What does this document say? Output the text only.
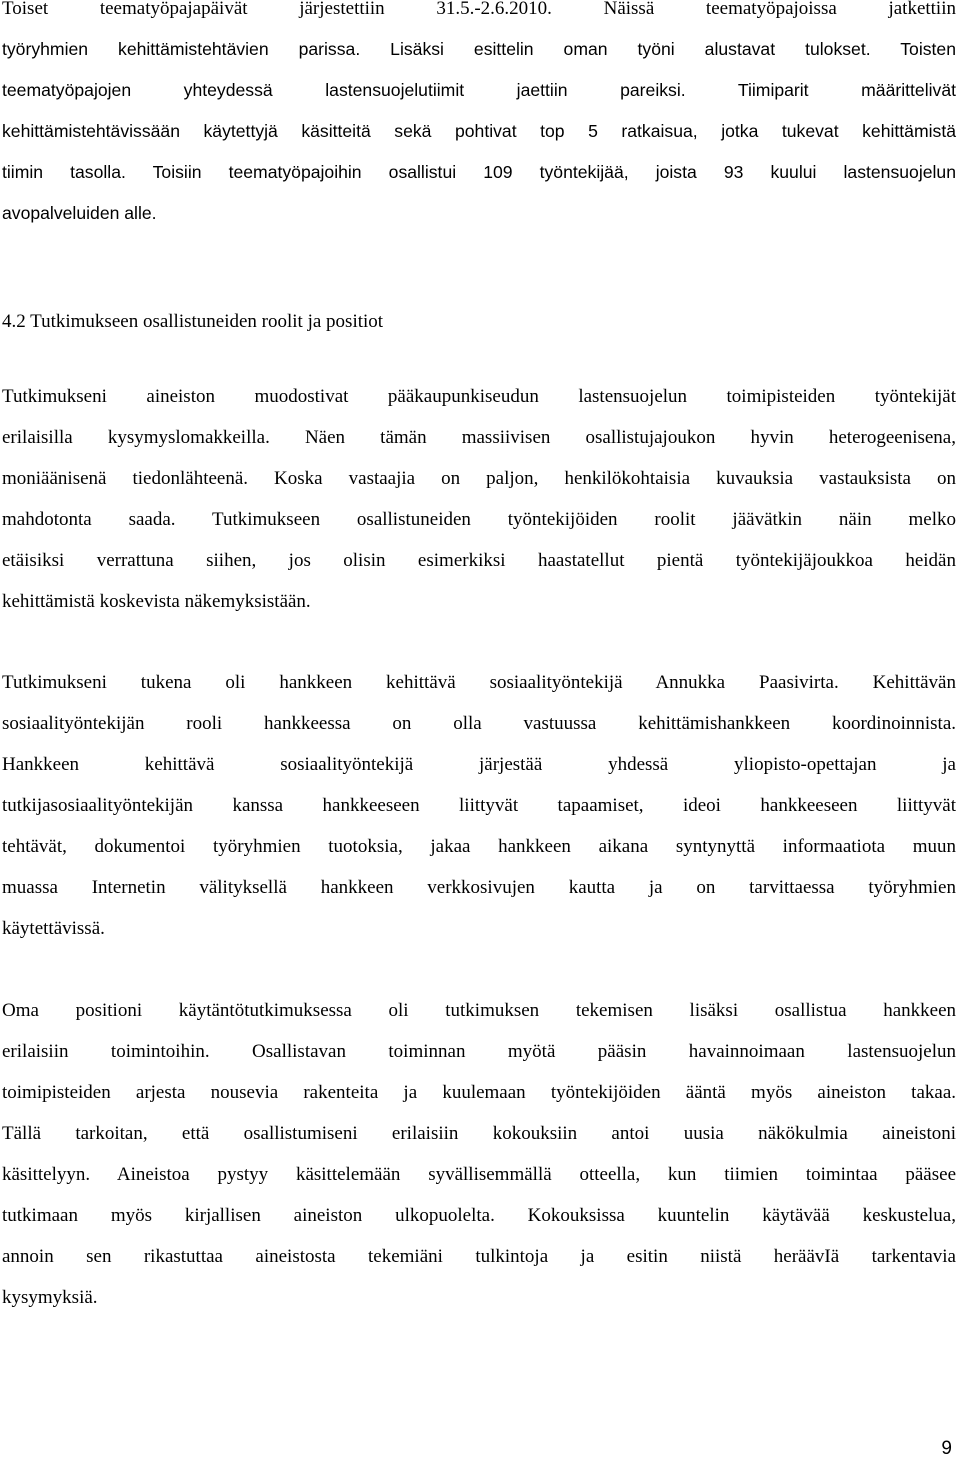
Toiset teematyöpajapäivät järjestettiin 31.5.-2.6.2010. Näissä teematyöpajoissa jatkettiin
työryhmien kehittämistehtävien parissa. Lisäksi esittelin oman työni alustavat tulokset. Toisten
teematyöpajojen yhteydessä lastensuojelutiimit jaettiin pareiksi. Tiimiparit määrittelivät
kehittämistehtävissään käytettyjä käsitteitä sekä pohtivat top 5 ratkaisua, jotka tukevat kehittämistä
tiimin tasolla. Toisiin teematyöpajoihin osallistui 109 työntekijää, joista 93 kuului lastensuojelun
avopalveluiden alle.
4.2 Tutkimukseen osallistuneiden roolit ja positiot
Tutkimukseni aineiston muodostivat pääkaupunkiseudun lastensuojelun toimipisteiden työntekijät
erilaisilla kysymyslomakkeilla. Näen tämän massiivisen osallistujajoukon hyvin heterogeenisena,
moniäänisenä tiedonlähteenä. Koska vastaajia on paljon, henkilökohtaisia kuvauksia vastauksista on
mahdotonta saada. Tutkimukseen osallistuneiden työntekijöiden roolit jäävätkin näin melko
etäisiksi verrattuna siihen, jos olisin esimerkiksi haastatellut pientä työntekijäjoukkoa heidän
kehittämistä koskevista näkemyksistään.
Tutkimukseni tukena oli hankkeen kehittävä sosiaalityöntekijä Annukka Paasivirta. Kehittävän
sosiaalityöntekijän rooli hankkeessa on olla vastuussa kehittämishankkeen koordinoinnista.
Hankkeen kehittävä sosiaalityöntekijä järjestää yhdessä yliopisto-opettajan ja
tutkijasosiaalityöntekijän kanssa hankkeeseen liittyvät tapaamiset, ideoi hankkeeseen liittyvät
tehtävät, dokumentoi työryhmien tuotoksia, jakaa hankkeen aikana syntynyttä informaatiota muun
muassa Internetin välityksellä hankkeen verkkosivujen kautta ja on tarvittaessa työryhmien
käytettävissä.
Oma positioni käytäntötutkimuksessa oli tutkimuksen tekemisen lisäksi osallistua hankkeen
erilaisiin toimintoihin. Osallistavan toiminnan myötä pääsin havainnoimaan lastensuojelun
toimipisteiden arjesta nousevia rakenteita ja kuulemaan työntekijöiden ääntä myös aineiston takaa.
Tällä tarkoitan, että osallistumiseni erilaisiin kokouksiin antoi uusia näkökulmia aineistoni
käsittelyyn. Aineistoa pystyy käsittelemään syvällisemmällä otteella, kun tiimien toimintaa pääsee
tutkimaan myös kirjallisen aineiston ulkopuolelta. Kokouksissa kuuntelin käytävää keskustelua,
annoin sen rikastuttaa aineistosta tekemiäni tulkintoja ja esitin niistä heräävIä tarkentavia
kysymyksiä.
9
